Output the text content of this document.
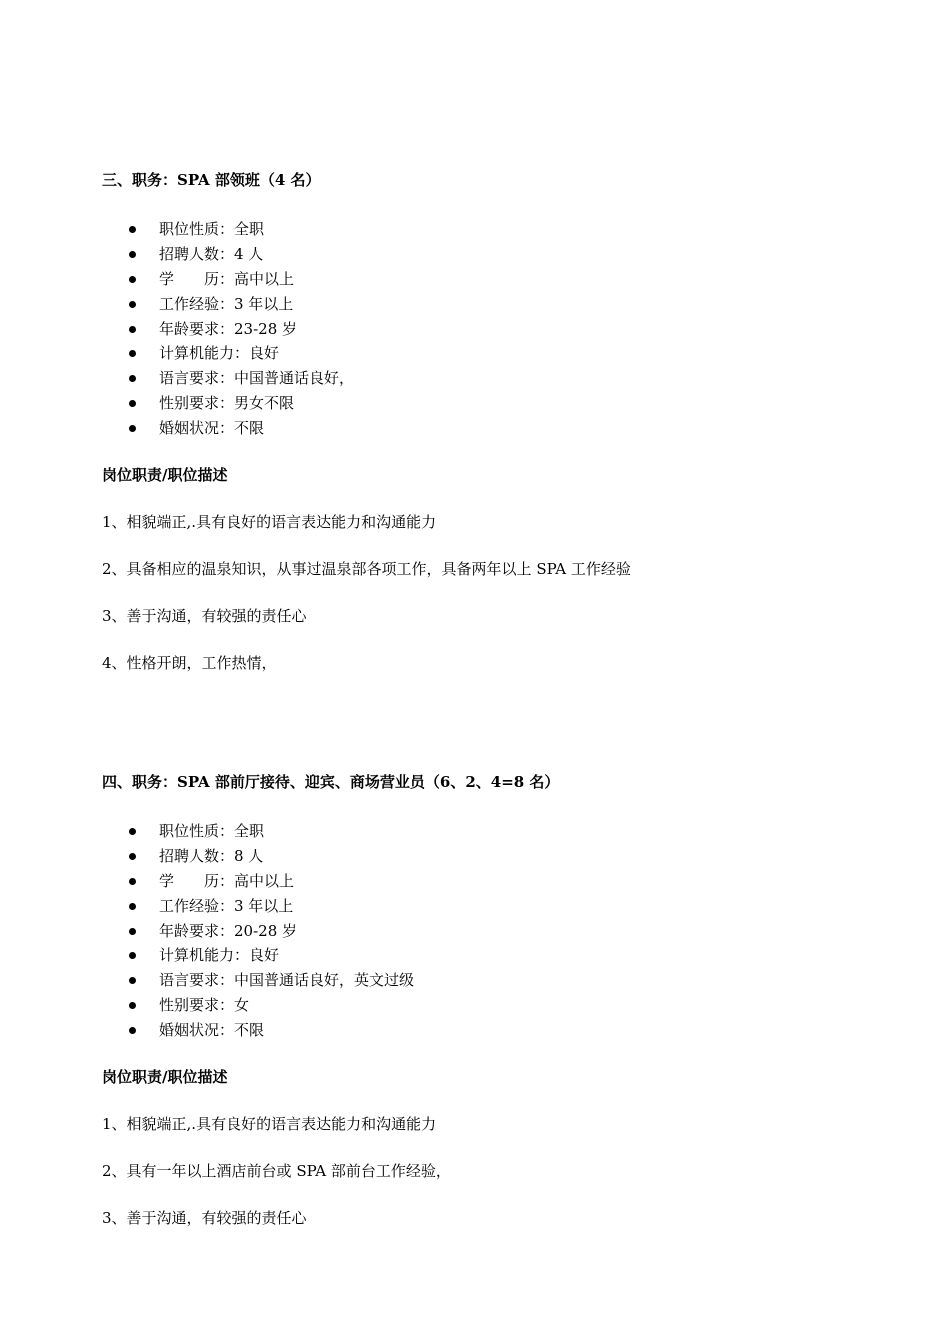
三、职务：SPA 部领班（4 名）

职位性质：全职
招聘人数：4 人
学　　历：高中以上
工作经验：3 年以上
年龄要求：23-28 岁
计算机能力：良好
语言要求：中国普通话良好，
性别要求：男女不限
婚姻状况：不限

岗位职责/职位描述

1、相貌端正,.具有良好的语言表达能力和沟通能力

2、具备相应的温泉知识，从事过温泉部各项工作，具备两年以上 SPA 工作经验

3、善于沟通，有较强的责任心

4、性格开朗，工作热情，

四、职务：SPA 部前厅接待、迎宾、商场营业员（6、2、4=8 名）

职位性质：全职
招聘人数：8 人
学　　历：高中以上
工作经验：3 年以上
年龄要求：20-28 岁
计算机能力：良好
语言要求：中国普通话良好，英文过级
性别要求：女
婚姻状况：不限

岗位职责/职位描述

1、相貌端正,.具有良好的语言表达能力和沟通能力

2、具有一年以上酒店前台或 SPA 部前台工作经验，

3、善于沟通，有较强的责任心
